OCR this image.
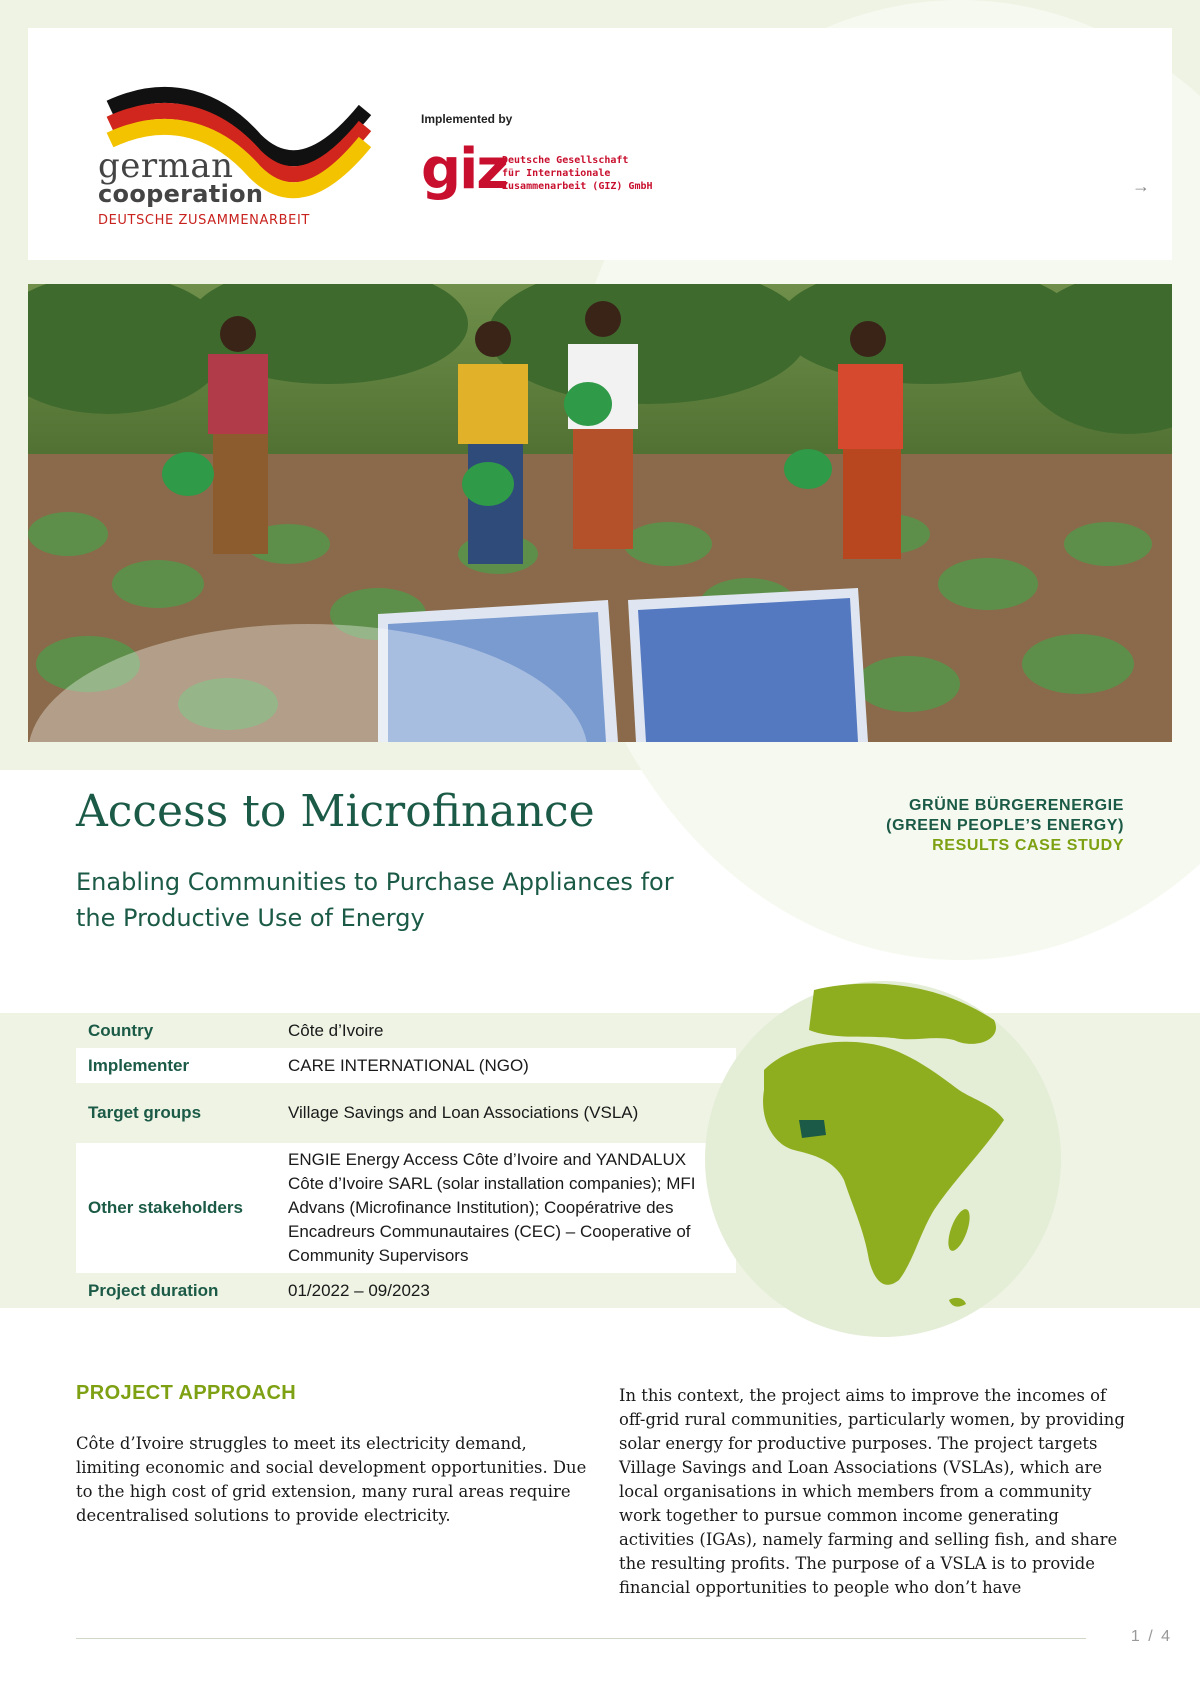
german
cooperation
DEUTSCHE ZUSAMMENARBEIT
Implemented by
giz
Deutsche Gesellschaft
für Internationale
Zusammenarbeit (GIZ) GmbH	→
Access to Microfinance
Enabling Communities to Purchase Appliances for the Productive Use of Energy
GRÜNE BÜRGERENERGIE
(GREEN PEOPLE’S ENERGY)
RESULTS CASE STUDY
Country	Côte d’Ivoire
Implementer	CARE INTERNATIONAL (NGO)
Target groups	Village Savings and Loan Associations (VSLA)
Other stakeholders	ENGIE Energy Access Côte d’Ivoire and YANDALUX Côte d’Ivoire SARL (solar installation companies); MFI Advans (Microfinance Institution); Coopératrive des Encadreurs Communautaires (CEC) – Cooperative of Community Supervisors
Project duration	01/2022 – 09/2023
PROJECT APPROACH
Côte d’Ivoire struggles to meet its electricity demand, limiting economic and social development opportunities. Due to the high cost of grid extension, many rural areas require decentralised solutions to provide electricity.
In this context, the project aims to improve the incomes of off-grid rural communities, particularly women, by providing solar energy for productive purposes. The project targets Village Savings and Loan Associations (VSLAs), which are local organisations in which members from a community work together to pursue common income generating activities (IGAs), namely farming and selling fish, and share the resulting profits. The purpose of a VSLA is to provide financial opportunities to people who don’t have
1 / 4
